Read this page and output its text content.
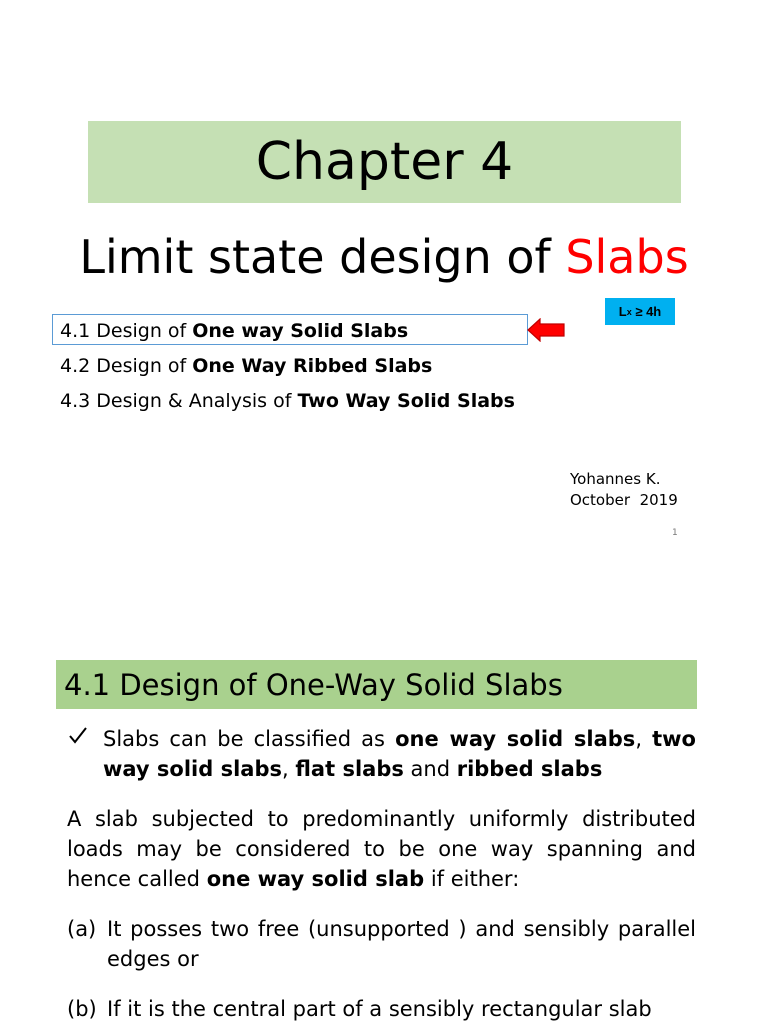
Chapter 4
Limit state design of Slabs
4.1 Design of One way Solid Slabs
4.2 Design of One Way Ribbed Slabs
4.3 Design & Analysis of Two Way Solid Slabs
L x ≥ 4h
Yohannes K.
October  2019
1
4.1 Design of One-Way Solid Slabs
Slabs can be classified as one way solid slabs, two way solid slabs, flat slabs and ribbed slabs

A slab subjected to predominantly uniformly distributed loads may be considered to be one way spanning and hence called one way solid slab if either:

(a) It posses two free (unsupported ) and sensibly parallel edges or
(b) If it is the central part of a sensibly rectangular slab
